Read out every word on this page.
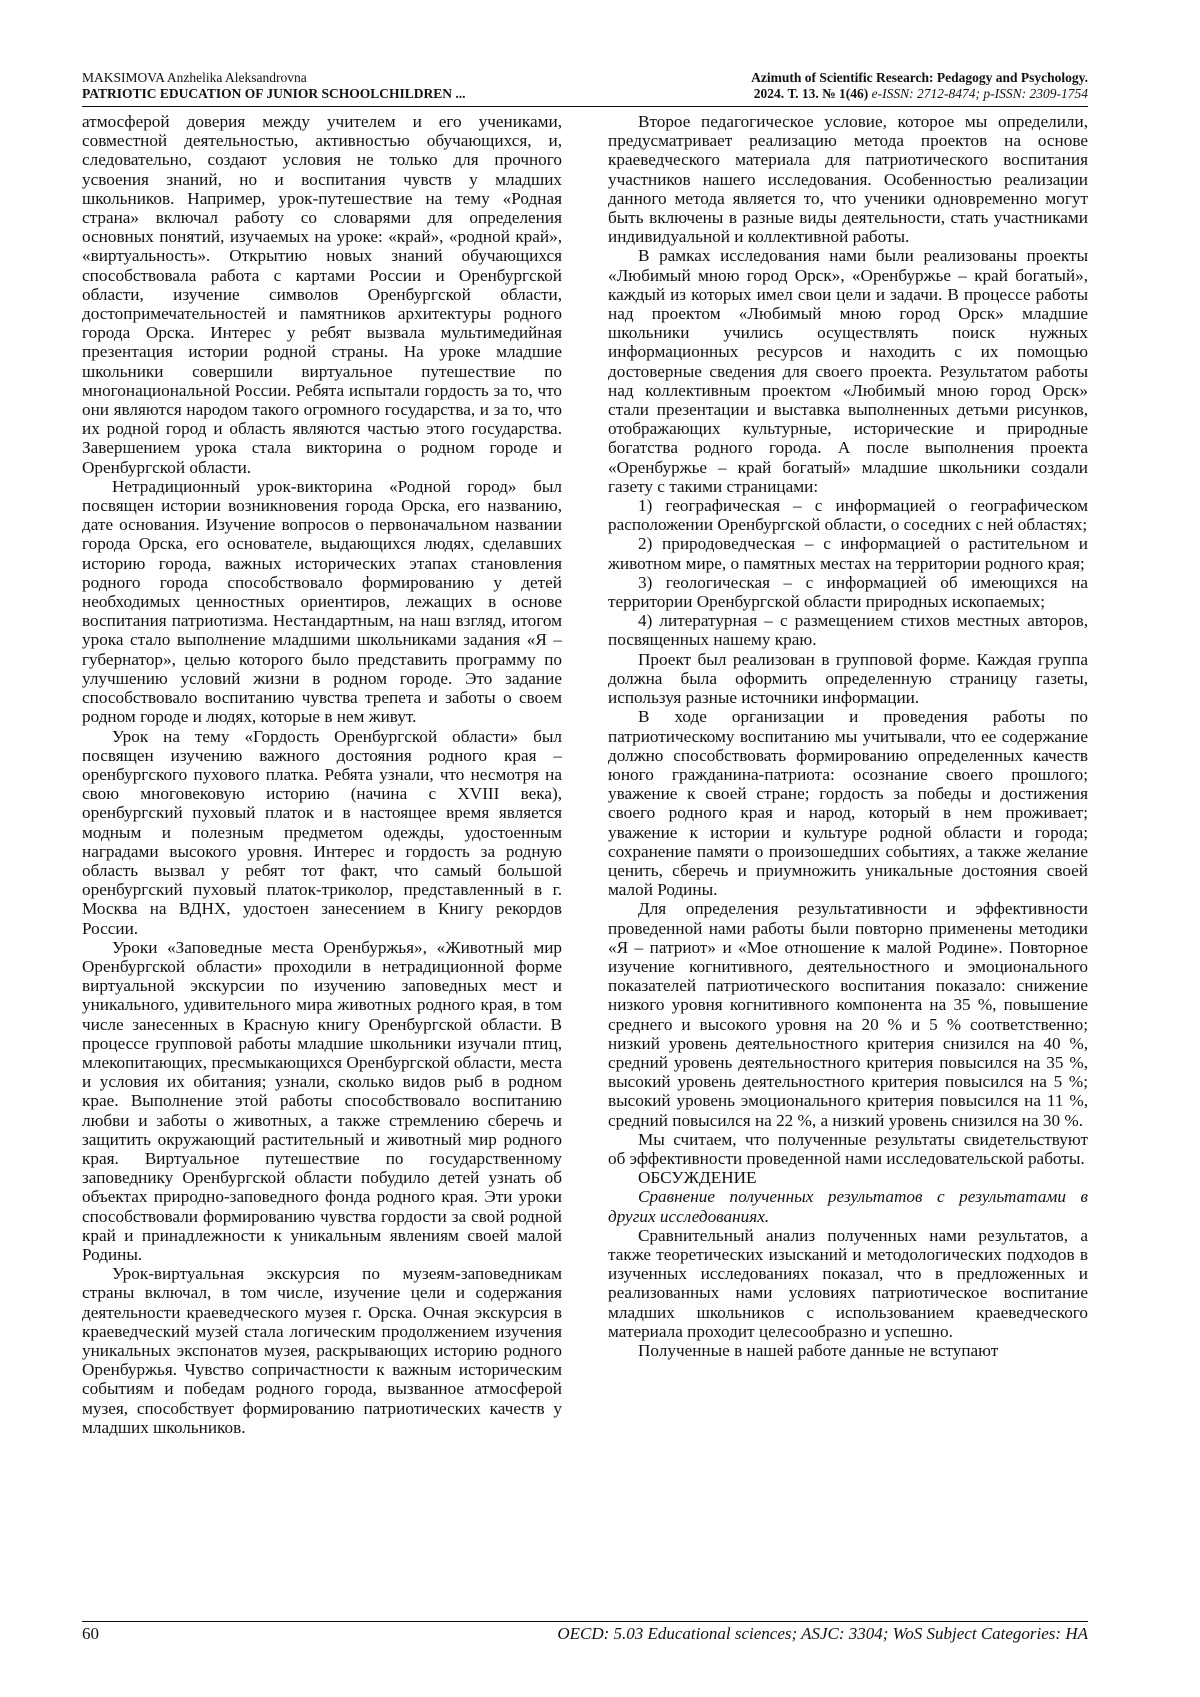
MAKSIMOVA Anzhelika Aleksandrovna
PATRIOTIC EDUCATION OF JUNIOR SCHOOLCHILDREN ...
Azimuth of Scientific Research: Pedagogy and Psychology.
2024. Т. 13. № 1(46) e-ISSN: 2712-8474; p-ISSN: 2309-1754

атмосферой доверия между учителем и его учениками, совместной деятельностью, активностью обучающихся, и, следовательно, создают условия не только для прочного усвоения знаний, но и воспитания чувств у младших школьников. Например, урок-путешествие на тему «Родная страна» включал работу со словарями для определения основных понятий, изучаемых на уроке: «край», «родной край», «виртуальность». Открытию новых знаний обучающихся способствовала работа с картами России и Оренбургской области, изучение символов Оренбургской области, достопримечательностей и памятников архитектуры родного города Орска. Интерес у ребят вызвала мультимедийная презентация истории родной страны. На уроке младшие школьники совершили виртуальное путешествие по многонациональной России. Ребята испытали гордость за то, что они являются народом такого огромного государства, и за то, что их родной город и область являются частью этого государства. Завершением урока стала викторина о родном городе и Оренбургской области.

Нетрадиционный урок-викторина «Родной город» был посвящен истории возникновения города Орска, его названию, дате основания. Изучение вопросов о первоначальном названии города Орска, его основателе, выдающихся людях, сделавших историю города, важных исторических этапах становления родного города способствовало формированию у детей необходимых ценностных ориентиров, лежащих в основе воспитания патриотизма. Нестандартным, на наш взгляд, итогом урока стало выполнение младшими школьниками задания «Я – губернатор», целью которого было представить программу по улучшению условий жизни в родном городе. Это задание способствовало воспитанию чувства трепета и заботы о своем родном городе и людях, которые в нем живут.

Урок на тему «Гордость Оренбургской области» был посвящен изучению важного достояния родного края – оренбургского пухового платка. Ребята узнали, что несмотря на свою многовековую историю (начина с XVIII века), оренбургский пуховый платок и в настоящее время является модным и полезным предметом одежды, удостоенным наградами высокого уровня. Интерес и гордость за родную область вызвал у ребят тот факт, что самый большой оренбургский пуховый платок-триколор, представленный в г. Москва на ВДНХ, удостоен занесением в Книгу рекордов России.

Уроки «Заповедные места Оренбуржья», «Животный мир Оренбургской области» проходили в нетрадиционной форме виртуальной экскурсии по изучению заповедных мест и уникального, удивительного мира животных родного края, в том числе занесенных в Красную книгу Оренбургской области. В процессе групповой работы младшие школьники изучали птиц, млекопитающих, пресмыкающихся Оренбургской области, места и условия их обитания; узнали, сколько видов рыб в родном крае. Выполнение этой работы способствовало воспитанию любви и заботы о животных, а также стремлению сберечь и защитить окружающий растительный и животный мир родного края. Виртуальное путешествие по государственному заповеднику Оренбургской области побудило детей узнать об объектах природно-заповедного фонда родного края. Эти уроки способствовали формированию чувства гордости за свой родной край и принадлежности к уникальным явлениям своей малой Родины.

Урок-виртуальная экскурсия по музеям-заповедникам страны включал, в том числе, изучение цели и содержания деятельности краеведческого музея г. Орска. Очная экскурсия в краеведческий музей стала логическим продолжением изучения уникальных экспонатов музея, раскрывающих историю родного Оренбуржья. Чувство сопричастности к важным историческим событиям и победам родного города, вызванное атмосферой музея, способствует формированию патриотических качеств у младших школьников.

Второе педагогическое условие, которое мы определили, предусматривает реализацию метода проектов на основе краеведческого материала для патриотического воспитания участников нашего исследования. Особенностью реализации данного метода является то, что ученики одновременно могут быть включены в разные виды деятельности, стать участниками индивидуальной и коллективной работы.

В рамках исследования нами были реализованы проекты «Любимый мною город Орск», «Оренбуржье – край богатый», каждый из которых имел свои цели и задачи. В процессе работы над проектом «Любимый мною город Орск» младшие школьники учились осуществлять поиск нужных информационных ресурсов и находить с их помощью достоверные сведения для своего проекта. Результатом работы над коллективным проектом «Любимый мною город Орск» стали презентации и выставка выполненных детьми рисунков, отображающих культурные, исторические и природные богатства родного города. А после выполнения проекта «Оренбуржье – край богатый» младшие школьники создали газету с такими страницами:

1) географическая – с информацией о географическом расположении Оренбургской области, о соседних с ней областях;

2) природоведческая – с информацией о растительном и животном мире, о памятных местах на территории родного края;

3) геологическая – с информацией об имеющихся на территории Оренбургской области природных ископаемых;

4) литературная – с размещением стихов местных авторов, посвященных нашему краю.

Проект был реализован в групповой форме. Каждая группа должна была оформить определенную страницу газеты, используя разные источники информации.

В ходе организации и проведения работы по патриотическому воспитанию мы учитывали, что ее содержание должно способствовать формированию определенных качеств юного гражданина-патриота: осознание своего прошлого; уважение к своей стране; гордость за победы и достижения своего родного края и народ, который в нем проживает; уважение к истории и культуре родной области и города; сохранение памяти о произошедших событиях, а также желание ценить, сберечь и приумножить уникальные достояния своей малой Родины.

Для определения результативности и эффективности проведенной нами работы были повторно применены методики «Я – патриот» и «Мое отношение к малой Родине». Повторное изучение когнитивного, деятельностного и эмоционального показателей патриотического воспитания показало: снижение низкого уровня когнитивного компонента на 35 %, повышение среднего и высокого уровня на 20 % и 5 % соответственно; низкий уровень деятельностного критерия снизился на 40 %, средний уровень деятельностного критерия повысился на 35 %, высокий уровень деятельностного критерия повысился на 5 %; высокий уровень эмоционального критерия повысился на 11 %, средний повысился на 22 %, а низкий уровень снизился на 30 %.

Мы считаем, что полученные результаты свидетельствуют об эффективности проведенной нами исследовательской работы.

ОБСУЖДЕНИЕ

Сравнение полученных результатов с результатами в других исследованиях.

Сравнительный анализ полученных нами результатов, а также теоретических изысканий и методологических подходов в изученных исследованиях показал, что в предложенных и реализованных нами условиях патриотическое воспитание младших школьников с использованием краеведческого материала проходит целесообразно и успешно.

Полученные в нашей работе данные не вступают

60	OECD: 5.03 Educational sciences; ASJC: 3304; WoS Subject Categories: HA
